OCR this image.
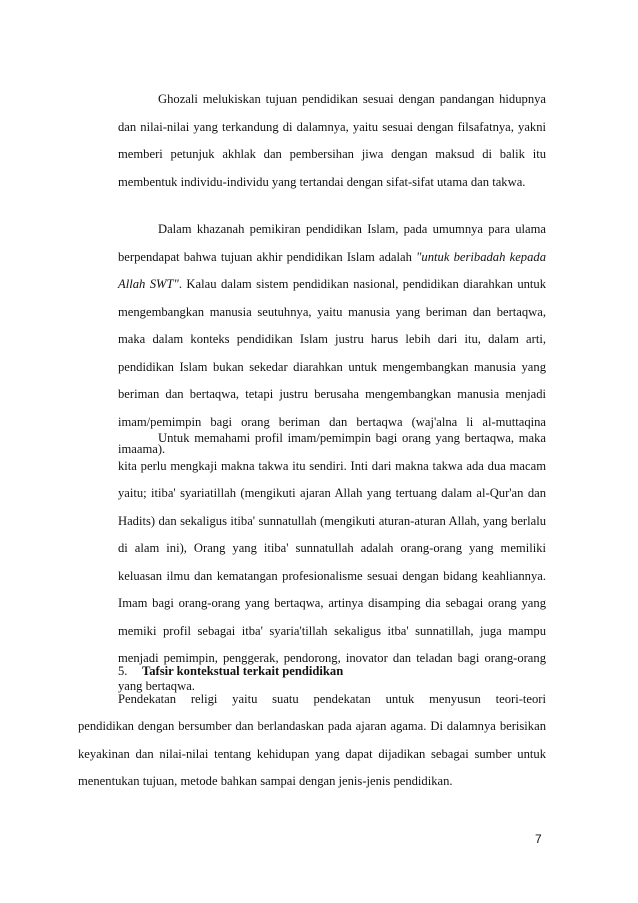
Ghozali melukiskan tujuan pendidikan sesuai dengan pandangan hidupnya dan nilai-nilai yang terkandung di dalamnya, yaitu sesuai dengan filsafatnya, yakni memberi petunjuk akhlak dan pembersihan jiwa dengan maksud di balik itu membentuk individu-individu yang tertandai dengan sifat-sifat utama dan takwa.

Dalam khazanah pemikiran pendidikan Islam, pada umumnya para ulama berpendapat bahwa tujuan akhir pendidikan Islam adalah "untuk beribadah kepada Allah SWT". Kalau dalam sistem pendidikan nasional, pendidikan diarahkan untuk mengembangkan manusia seutuhnya, yaitu manusia yang beriman dan bertaqwa, maka dalam konteks pendidikan Islam justru harus lebih dari itu, dalam arti, pendidikan Islam bukan sekedar diarahkan untuk mengembangkan manusia yang beriman dan bertaqwa, tetapi justru berusaha mengembangkan manusia menjadi imam/pemimpin bagi orang beriman dan bertaqwa (waj'alna li al-muttaqina imaama).

Untuk memahami profil imam/pemimpin bagi orang yang bertaqwa, maka kita perlu mengkaji makna takwa itu sendiri. Inti dari makna takwa ada dua macam yaitu; itiba' syariatillah (mengikuti ajaran Allah yang tertuang dalam al-Qur'an dan Hadits) dan sekaligus itiba' sunnatullah (mengikuti aturan-aturan Allah, yang berlalu di alam ini), Orang yang itiba' sunnatullah adalah orang-orang yang memiliki keluasan ilmu dan kematangan profesionalisme sesuai dengan bidang keahliannya. Imam bagi orang-orang yang bertaqwa, artinya disamping dia sebagai orang yang memiki profil sebagai itba' syaria'tillah sekaligus itba' sunnatillah, juga mampu menjadi pemimpin, penggerak, pendorong, inovator dan teladan bagi orang-orang yang bertaqwa.

5. Tafsir kontekstual terkait pendidikan

Pendekatan religi yaitu suatu pendekatan untuk menyusun teori-teori

pendidikan dengan bersumber dan berlandaskan pada ajaran agama. Di dalamnya berisikan keyakinan dan nilai-nilai tentang kehidupan yang dapat dijadikan sebagai sumber untuk menentukan tujuan, metode bahkan sampai dengan jenis-jenis pendidikan.

7
